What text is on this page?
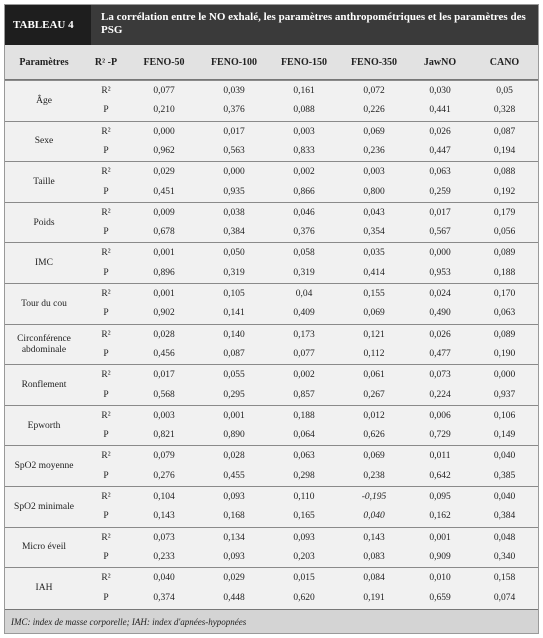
TABLEAU 4
La corrélation entre le NO exhalé, les paramètres anthropométriques et les paramètres des PSG
Paramètres	R² -P	FENO-50	FENO-100	FENO-150	FENO-350	JawNO	CANO
Âge
R²	0,077	0,039	0,161	0,072	0,030	0,05
P	0,210	0,376	0,088	0,226	0,441	0,328
Sexe
R²	0,000	0,017	0,003	0,069	0,026	0,087
P	0,962	0,563	0,833	0,236	0,447	0,194
Taille
R²	0,029	0,000	0,002	0,003	0,063	0,088
P	0,451	0,935	0,866	0,800	0,259	0,192
Poids
R²	0,009	0,038	0,046	0,043	0,017	0,179
P	0,678	0,384	0,376	0,354	0,567	0,056
IMC
R²	0,001	0,050	0,058	0,035	0,000	0,089
P	0,896	0,319	0,319	0,414	0,953	0,188
Tour du cou
R²	0,001	0,105	0,04	0,155	0,024	0,170
P	0,902	0,141	0,409	0,069	0,490	0,063
Circonférence abdominale
R²	0,028	0,140	0,173	0,121	0,026	0,089
P	0,456	0,087	0,077	0,112	0,477	0,190
Ronflement
R²	0,017	0,055	0,002	0,061	0,073	0,000
P	0,568	0,295	0,857	0,267	0,224	0,937
Epworth
R²	0,003	0,001	0,188	0,012	0,006	0,106
P	0,821	0,890	0,064	0,626	0,729	0,149
SpO2 moyenne
R²	0,079	0,028	0,063	0,069	0,011	0,040
P	0,276	0,455	0,298	0,238	0,642	0,385
SpO2 minimale
R²	0,104	0,093	0,110	-0,195	0,095	0,040
P	0,143	0,168	0,165	0,040	0,162	0,384
Micro éveil
R²	0,073	0,134	0,093	0,143	0,001	0,048
P	0,233	0,093	0,203	0,083	0,909	0,340
IAH
R²	0,040	0,029	0,015	0,084	0,010	0,158
P	0,374	0,448	0,620	0,191	0,659	0,074
IMC: index de masse corporelle; IAH: index d'apnées-hypopnées
